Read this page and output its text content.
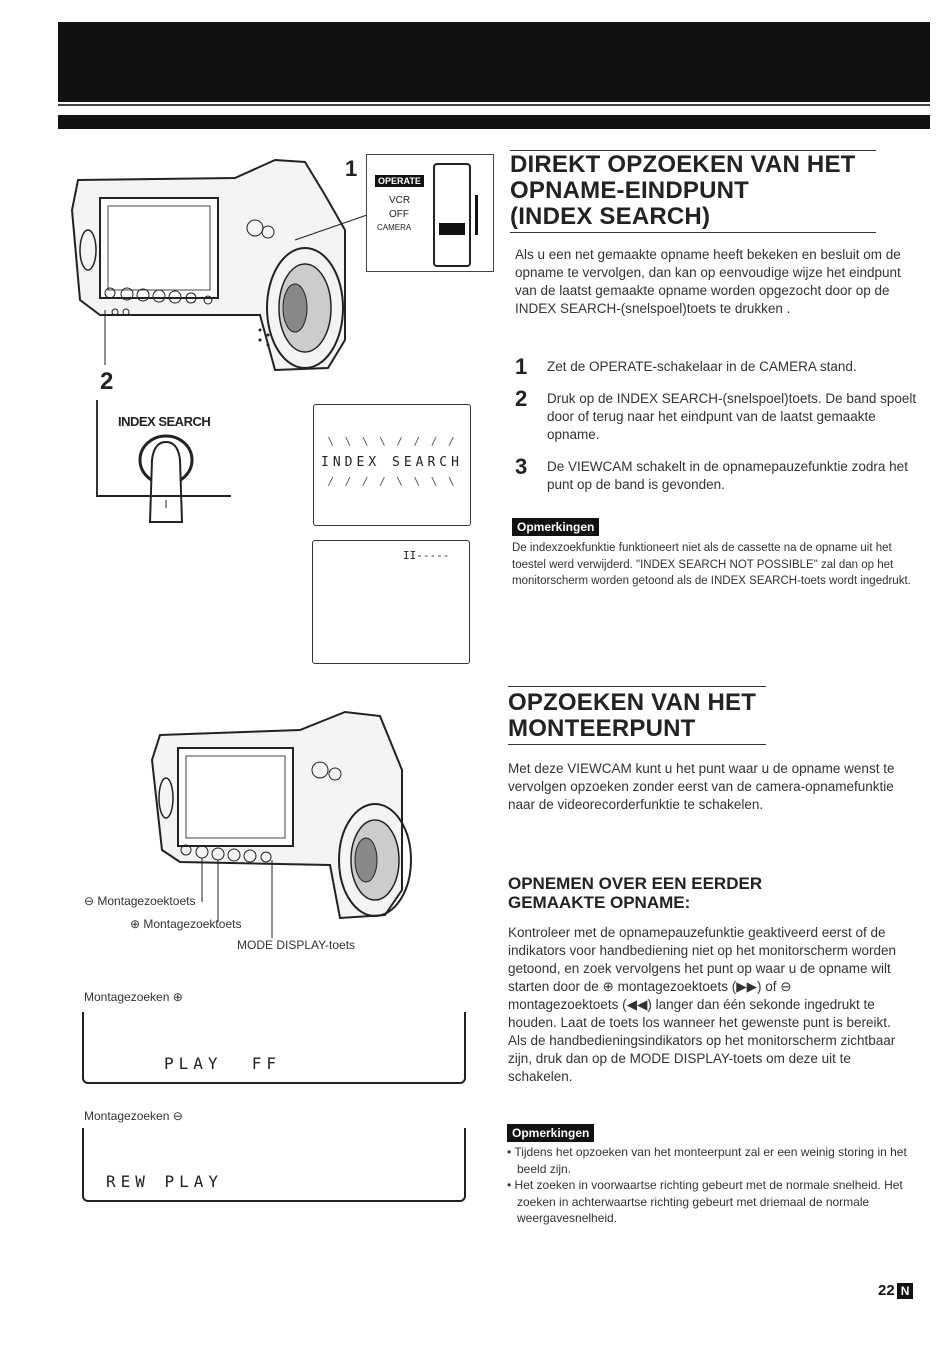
1	OPERATE
VCR
OFF
CAMERA
2
INDEX SEARCH
\ \ \ \ / / / /
INDEX SEARCH
/ / / / \ \ \ \
II-----
DIREKT OPZOEKEN VAN HET
OPNAME-EINDPUNT
(INDEX SEARCH)
Als u een net gemaakte opname heeft bekeken en besluit om de opname te vervolgen, dan kan op eenvoudige wijze het eindpunt van de laatst gemaakte opname worden opgezocht door op de INDEX SEARCH-(snelspoel)toets te drukken .
1 Zet de OPERATE-schakelaar in de CAMERA stand.
2 Druk op de INDEX SEARCH-(snelspoel)toets. De band spoelt door of terug naar het eindpunt van de laatst gemaakte opname.
3 De VIEWCAM schakelt in de opnamepauzefunktie zodra het punt op de band is gevonden.
Opmerkingen
De indexzoekfunktie funktioneert niet als de cassette na de opname uit het toestel werd verwijderd. "INDEX SEARCH NOT POSSIBLE" zal dan op het monitorscherm worden getoond als de INDEX SEARCH-toets wordt ingedrukt.
⊖ Montagezoektoets
⊕ Montagezoektoets
MODE DISPLAY-toets
Montagezoeken ⊕
PLAY  FF
Montagezoeken ⊖
REW PLAY
OPZOEKEN VAN HET
MONTEERPUNT
Met deze VIEWCAM kunt u het punt waar u de opname wenst te vervolgen opzoeken zonder eerst van de camera-opnamefunktie naar de videorecorderfunktie te schakelen.
OPNEMEN OVER EEN EERDER
GEMAAKTE OPNAME:
Kontroleer met de opnamepauzefunktie geaktiveerd eerst of de indikators voor handbediening niet op het monitorscherm worden getoond, en zoek vervolgens het punt op waar u de opname wilt starten door de ⊕ montagezoektoets (▶▶) of ⊖ montagezoektoets (◀◀) langer dan één sekonde ingedrukt te houden. Laat de toets los wanneer het gewenste punt is bereikt.
Als de handbedieningsindikators op het monitorscherm zichtbaar zijn, druk dan op de MODE DISPLAY-toets om deze uit te schakelen.
Opmerkingen
• Tijdens het opzoeken van het monteerpunt zal er een weinig storing in het beeld zijn.
• Het zoeken in voorwaartse richting gebeurt met de normale snelheid. Het zoeken in achterwaartse richting gebeurt met driemaal de normale weergavesnelheid.
22 N
